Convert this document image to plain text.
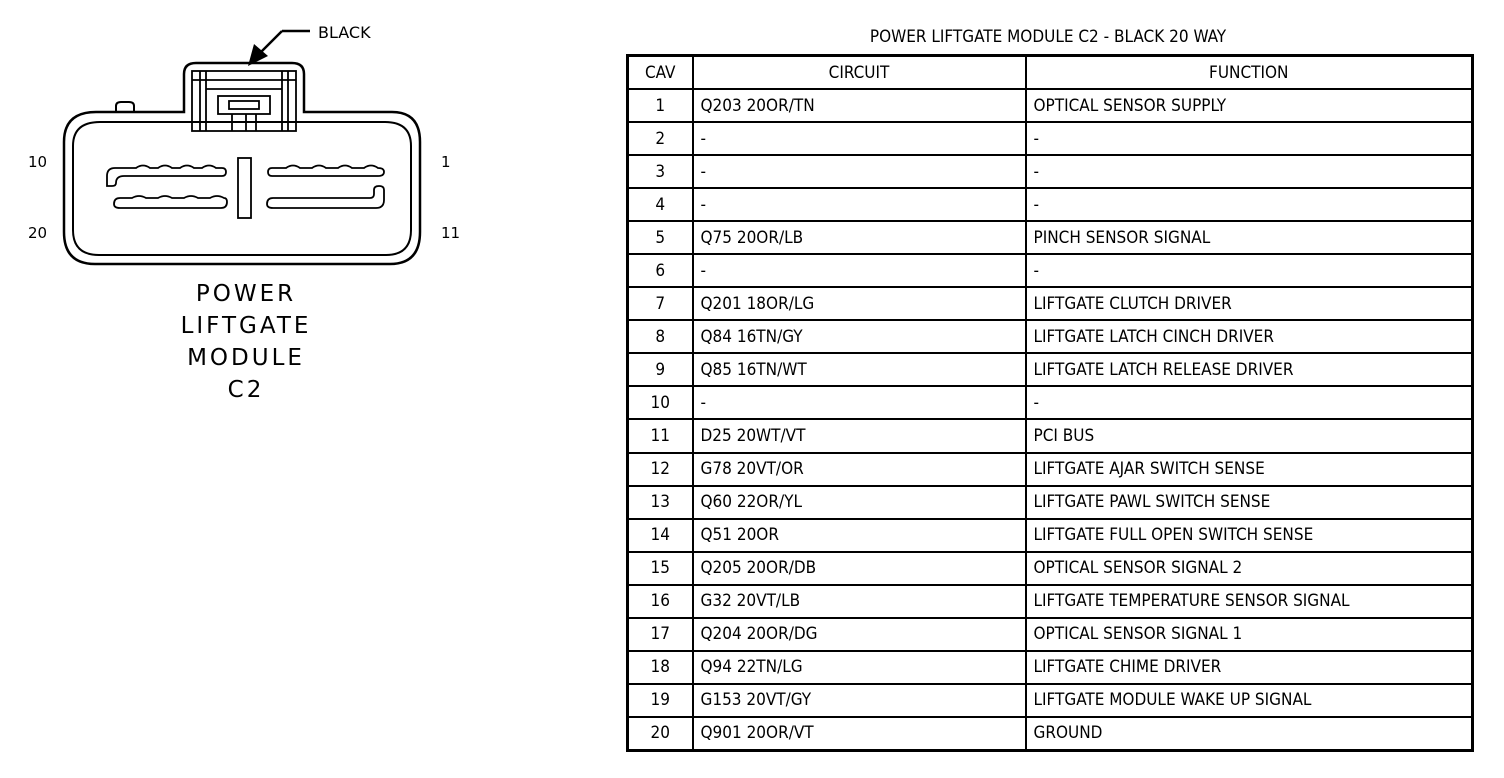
BLACK
10	1
20	11
POWER
LIFTGATE
MODULE
C2
POWER LIFTGATE MODULE C2 - BLACK 20 WAY
CAV	CIRCUIT	FUNCTION
1	Q203 20OR/TN	OPTICAL SENSOR SUPPLY
2	-	-
3	-	-
4	-	-
5	Q75 20OR/LB	PINCH SENSOR SIGNAL
6	-	-
7	Q201 18OR/LG	LIFTGATE CLUTCH DRIVER
8	Q84 16TN/GY	LIFTGATE LATCH CINCH DRIVER
9	Q85 16TN/WT	LIFTGATE LATCH RELEASE DRIVER
10	-	-
11	D25 20WT/VT	PCI BUS
12	G78 20VT/OR	LIFTGATE AJAR SWITCH SENSE
13	Q60 22OR/YL	LIFTGATE PAWL SWITCH SENSE
14	Q51 20OR	LIFTGATE FULL OPEN SWITCH SENSE
15	Q205 20OR/DB	OPTICAL SENSOR SIGNAL 2
16	G32 20VT/LB	LIFTGATE TEMPERATURE SENSOR SIGNAL
17	Q204 20OR/DG	OPTICAL SENSOR SIGNAL 1
18	Q94 22TN/LG	LIFTGATE CHIME DRIVER
19	G153 20VT/GY	LIFTGATE MODULE WAKE UP SIGNAL
20	Q901 20OR/VT	GROUND
